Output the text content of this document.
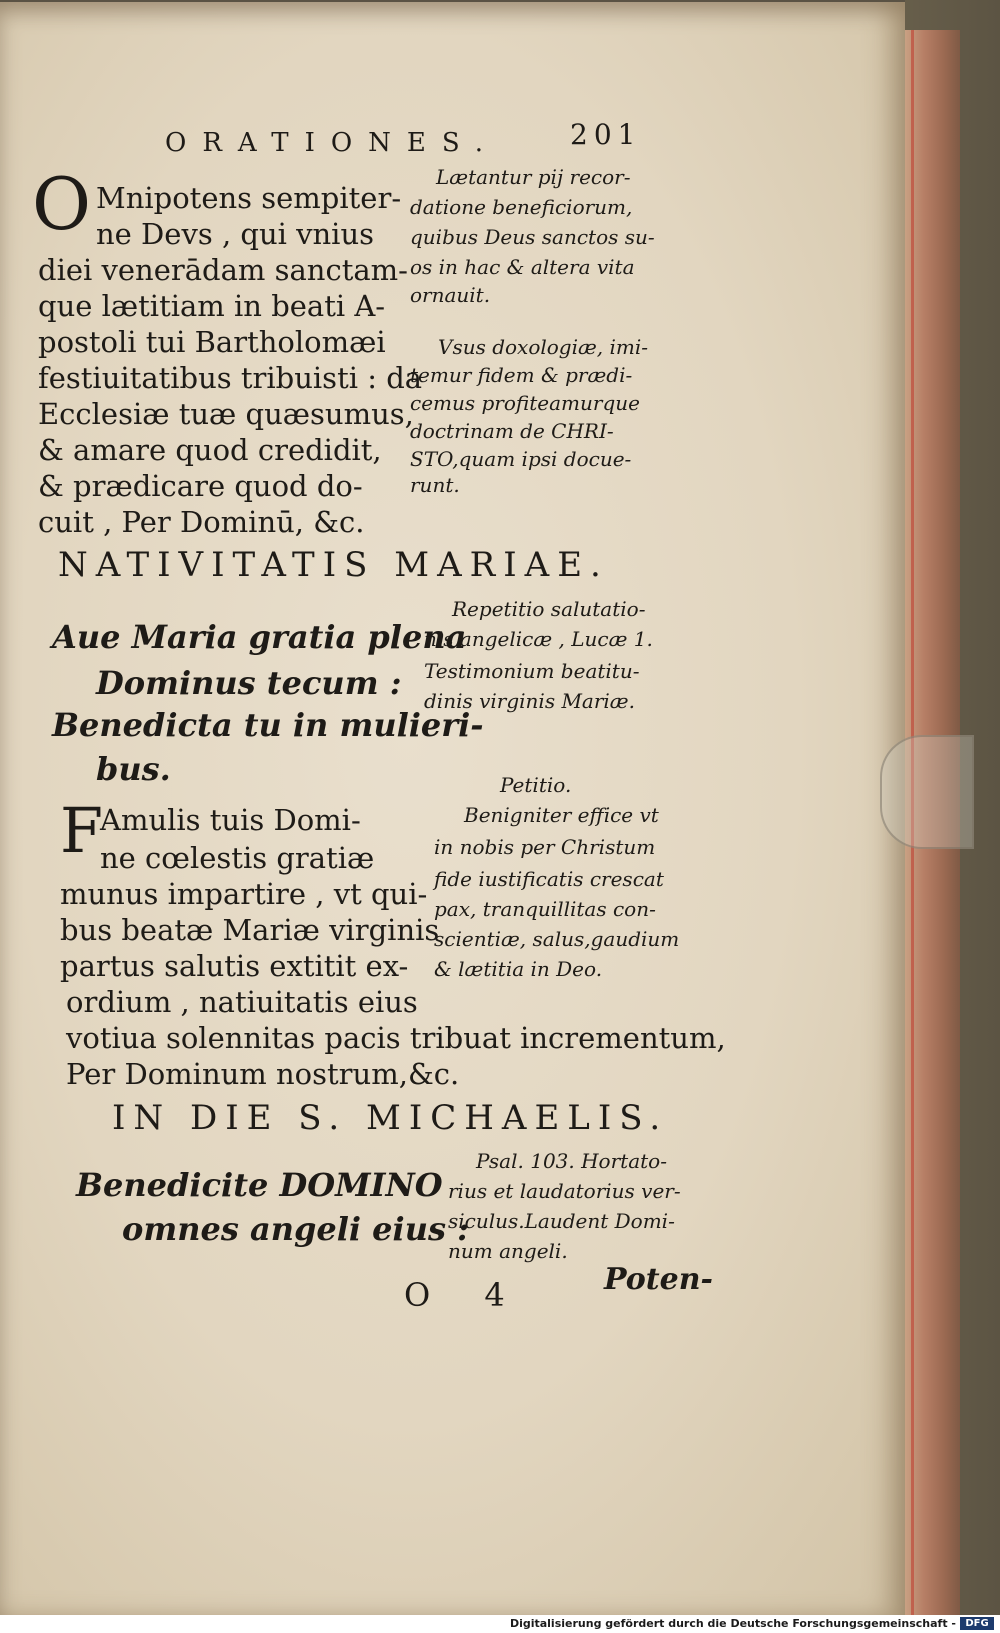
ORATIONES.	201

O Mnipotens sempiter-

ne Devs , qui vnius

diei venerādam sanctam-

que lætitiam in beati A-

postoli tui Bartholomæi

festiuitatibus tribuisti : da

Ecclesiæ tuæ quæsumus,

& amare quod credidit,

& prædicare quod do-

cuit , Per Dominū, &c.

Lætantur pij recor-

datione beneficiorum,

quibus Deus sanctos su-

os in hac & altera vita

ornauit.

Vsus doxologiæ, imi-

temur fidem & prædi-

cemus profiteamurque

doctrinam de CHRI-

STO,quam ipsi docue-

runt.

NATIVITATIS MARIAE.

Aue Maria gratia plena

Dominus tecum :

Benedicta tu in mulieri-

bus.

Repetitio salutatio-

nis angelicæ , Lucæ 1.

Testimonium beatitu-

dinis virginis Mariæ.

F

Amulis tuis Domi-

ne cœlestis gratiæ

munus impartire , vt qui-

bus beatæ Mariæ virginis

partus salutis extitit ex-

ordium , natiuitatis eius

votiua solennitas pacis tribuat incrementum,

Per Dominum nostrum,&c.

Petitio.

Benigniter effice vt

in nobis per Christum

fide iustificatis crescat

pax, tranquillitas con-

scientiæ, salus,gaudium

& lætitia in Deo.

IN DIE S. MICHAELIS.

Benedicite DOMINO

omnes angeli eius :

Psal. 103. Hortato-

rius et laudatorius ver-

siculus.Laudent Domi-

num angeli.

O 4	Poten-

Digitalisierung gefördert durch die Deutsche Forschungsgemeinschaft - DFG
